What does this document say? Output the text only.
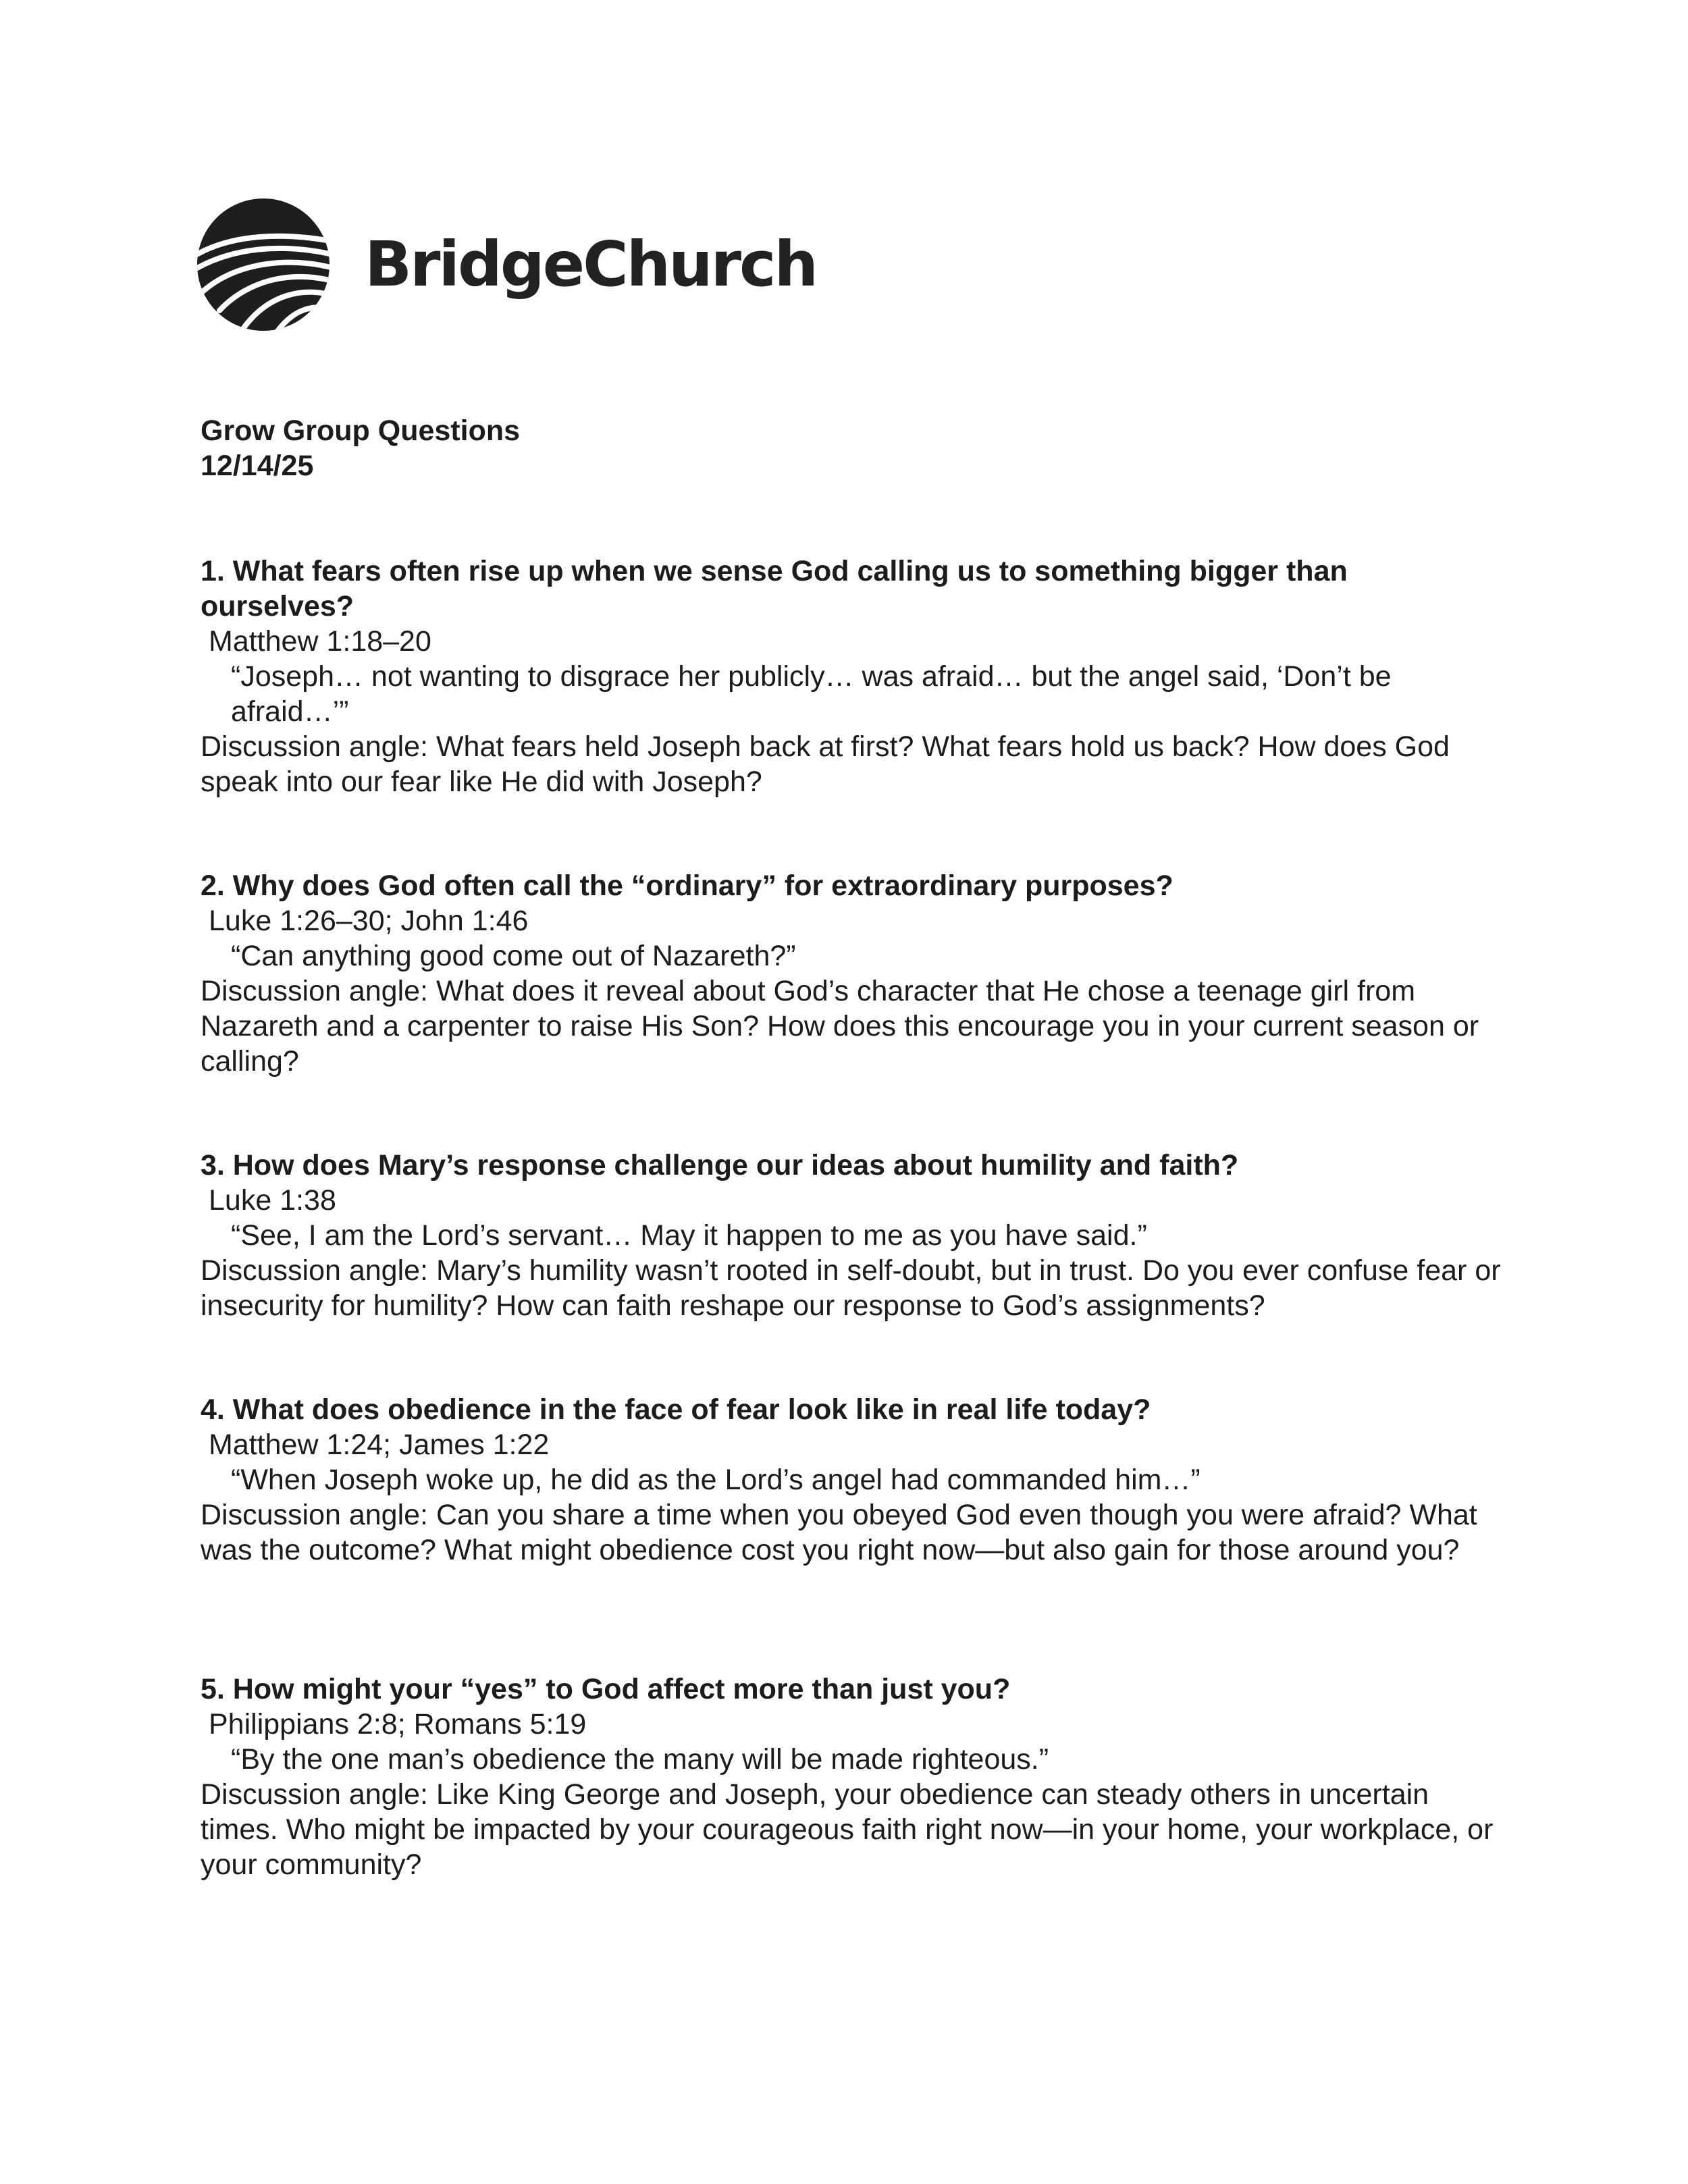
BridgeChurch
Grow Group Questions
12/14/25
1. What fears often rise up when we sense God calling us to something bigger than ourselves?
Matthew 1:18–20
“Joseph… not wanting to disgrace her publicly… was afraid… but the angel said, ‘Don’t be afraid…’”
Discussion angle: What fears held Joseph back at first? What fears hold us back? How does God speak into our fear like He did with Joseph?
2. Why does God often call the “ordinary” for extraordinary purposes?
Luke 1:26–30; John 1:46
“Can anything good come out of Nazareth?”
Discussion angle: What does it reveal about God’s character that He chose a teenage girl from Nazareth and a carpenter to raise His Son? How does this encourage you in your current season or calling?
3. How does Mary’s response challenge our ideas about humility and faith?
Luke 1:38
“See, I am the Lord’s servant… May it happen to me as you have said.”
Discussion angle: Mary’s humility wasn’t rooted in self-doubt, but in trust. Do you ever confuse fear or insecurity for humility? How can faith reshape our response to God’s assignments?
4. What does obedience in the face of fear look like in real life today?
Matthew 1:24; James 1:22
“When Joseph woke up, he did as the Lord’s angel had commanded him…”
Discussion angle: Can you share a time when you obeyed God even though you were afraid? What was the outcome? What might obedience cost you right now—but also gain for those around you?
5. How might your “yes” to God affect more than just you?
Philippians 2:8; Romans 5:19
“By the one man’s obedience the many will be made righteous.”
Discussion angle: Like King George and Joseph, your obedience can steady others in uncertain times. Who might be impacted by your courageous faith right now—in your home, your workplace, or your community?
